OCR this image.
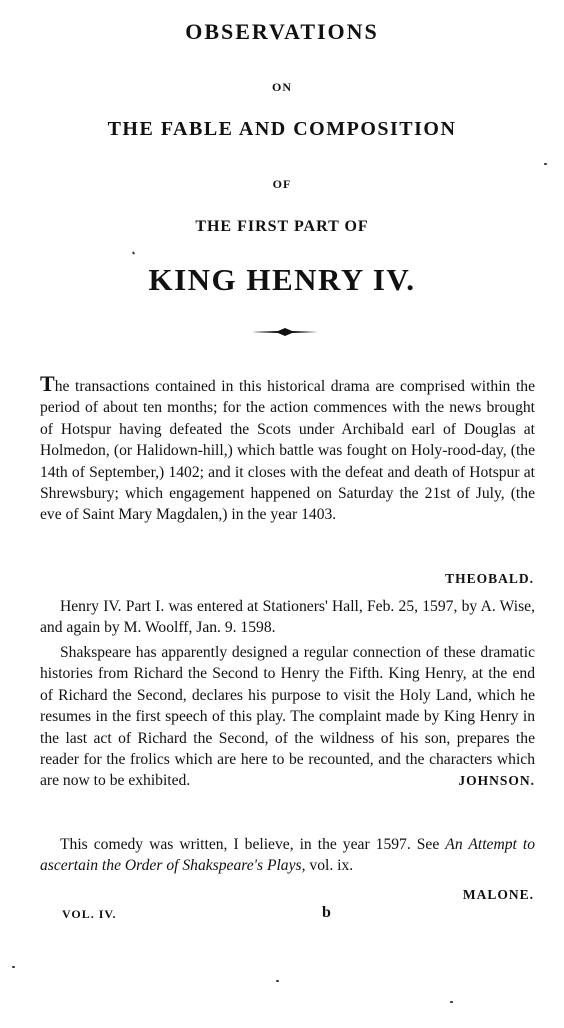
OBSERVATIONS
ON
THE FABLE AND COMPOSITION
OF
THE FIRST PART OF
KING HENRY IV.
The transactions contained in this historical drama are comprised within the period of about ten months; for the action commences with the news brought of Hotspur having defeated the Scots under Archibald earl of Douglas at Holmedon, (or Halidown-hill,) which battle was fought on Holy-rood-day, (the 14th of September,) 1402; and it closes with the defeat and death of Hotspur at Shrewsbury; which engagement happened on Saturday the 21st of July, (the eve of Saint Mary Magdalen,) in the year 1403.
THEOBALD.
Henry IV. Part I. was entered at Stationers' Hall, Feb. 25, 1597, by A. Wise, and again by M. Woolff, Jan. 9. 1598.
Shakspeare has apparently designed a regular connection of these dramatic histories from Richard the Second to Henry the Fifth. King Henry, at the end of Richard the Second, declares his purpose to visit the Holy Land, which he resumes in the first speech of this play. The complaint made by King Henry in the last act of Richard the Second, of the wildness of his son, prepares the reader for the frolics which are here to be recounted, and the characters which are now to be exhibited.	JOHNSON.
This comedy was written, I believe, in the year 1597. See An Attempt to ascertain the Order of Shakspeare's Plays, vol. ix.
MALONE.
VOL. IV.	b
